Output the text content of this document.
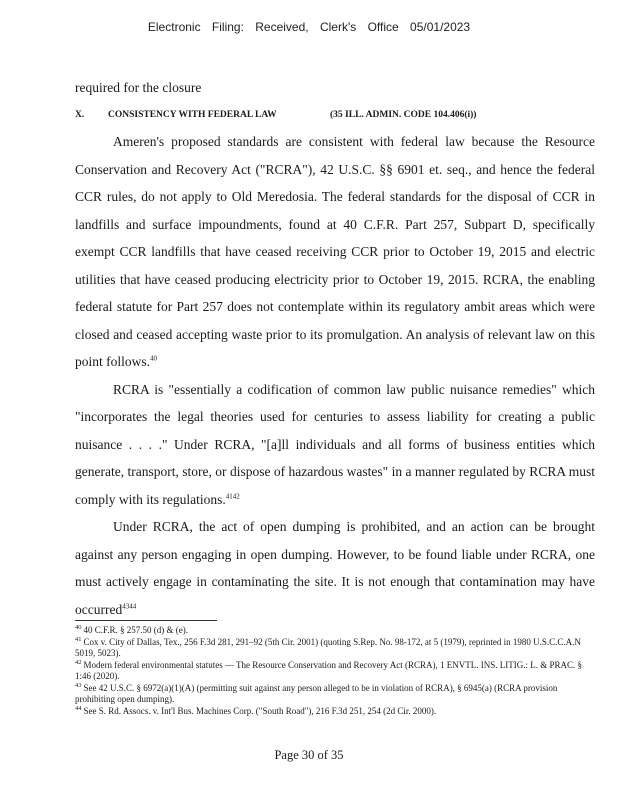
Electronic Filing: Received, Clerk's Office 05/01/2023
required for the closure
X.	CONSISTENCY WITH FEDERAL LAW	(35 ILL. ADMIN. CODE 104.406(i))

Ameren's proposed standards are consistent with federal law because the Resource Conservation and Recovery Act ("RCRA"), 42 U.S.C. §§ 6901 et. seq., and hence the federal CCR rules, do not apply to Old Meredosia. The federal standards for the disposal of CCR in landfills and surface impoundments, found at 40 C.F.R. Part 257, Subpart D, specifically exempt CCR landfills that have ceased receiving CCR prior to October 19, 2015 and electric utilities that have ceased producing electricity prior to October 19, 2015. RCRA, the enabling federal statute for Part 257 does not contemplate within its regulatory ambit areas which were closed and ceased accepting waste prior to its promulgation. An analysis of relevant law on this point follows.$^{40}$

RCRA is "essentially a codification of common law public nuisance remedies" which "incorporates the legal theories used for centuries to assess liability for creating a public nuisance . . . ." Under RCRA, "[a]ll individuals and all forms of business entities which generate, transport, store, or dispose of hazardous wastes" in a manner regulated by RCRA must comply with its regulations.$^{4142}$

Under RCRA, the act of open dumping is prohibited, and an action can be brought against any person engaging in open dumping. However, to be found liable under RCRA, one must actively engage in contaminating the site. It is not enough that contamination may have occurred$^{4344}$

$^{40}$ 40 C.F.R. § 257.50 (d) & (e).
$^{41}$ Cox v. City of Dallas, Tex., 256 F.3d 281, 291–92 (5th Cir. 2001) (quoting S.Rep. No. 98-172, at 5 (1979), reprinted in 1980 U.S.C.C.A.N 5019, 5023).
$^{42}$ Modern federal environmental statutes — The Resource Conservation and Recovery Act (RCRA), 1 ENVTL. INS. LITIG.: L. & PRAC. § 1:46 (2020).
$^{43}$ See 42 U.S.C. § 6972(a)(1)(A) (permitting suit against any person alleged to be in violation of RCRA), § 6945(a) (RCRA provision prohibiting open dumping).
$^{44}$ See S. Rd. Assocs. v. Int'l Bus. Machines Corp. ("South Road"), 216 F.3d 251, 254 (2d Cir. 2000).
Page 30 of 35
